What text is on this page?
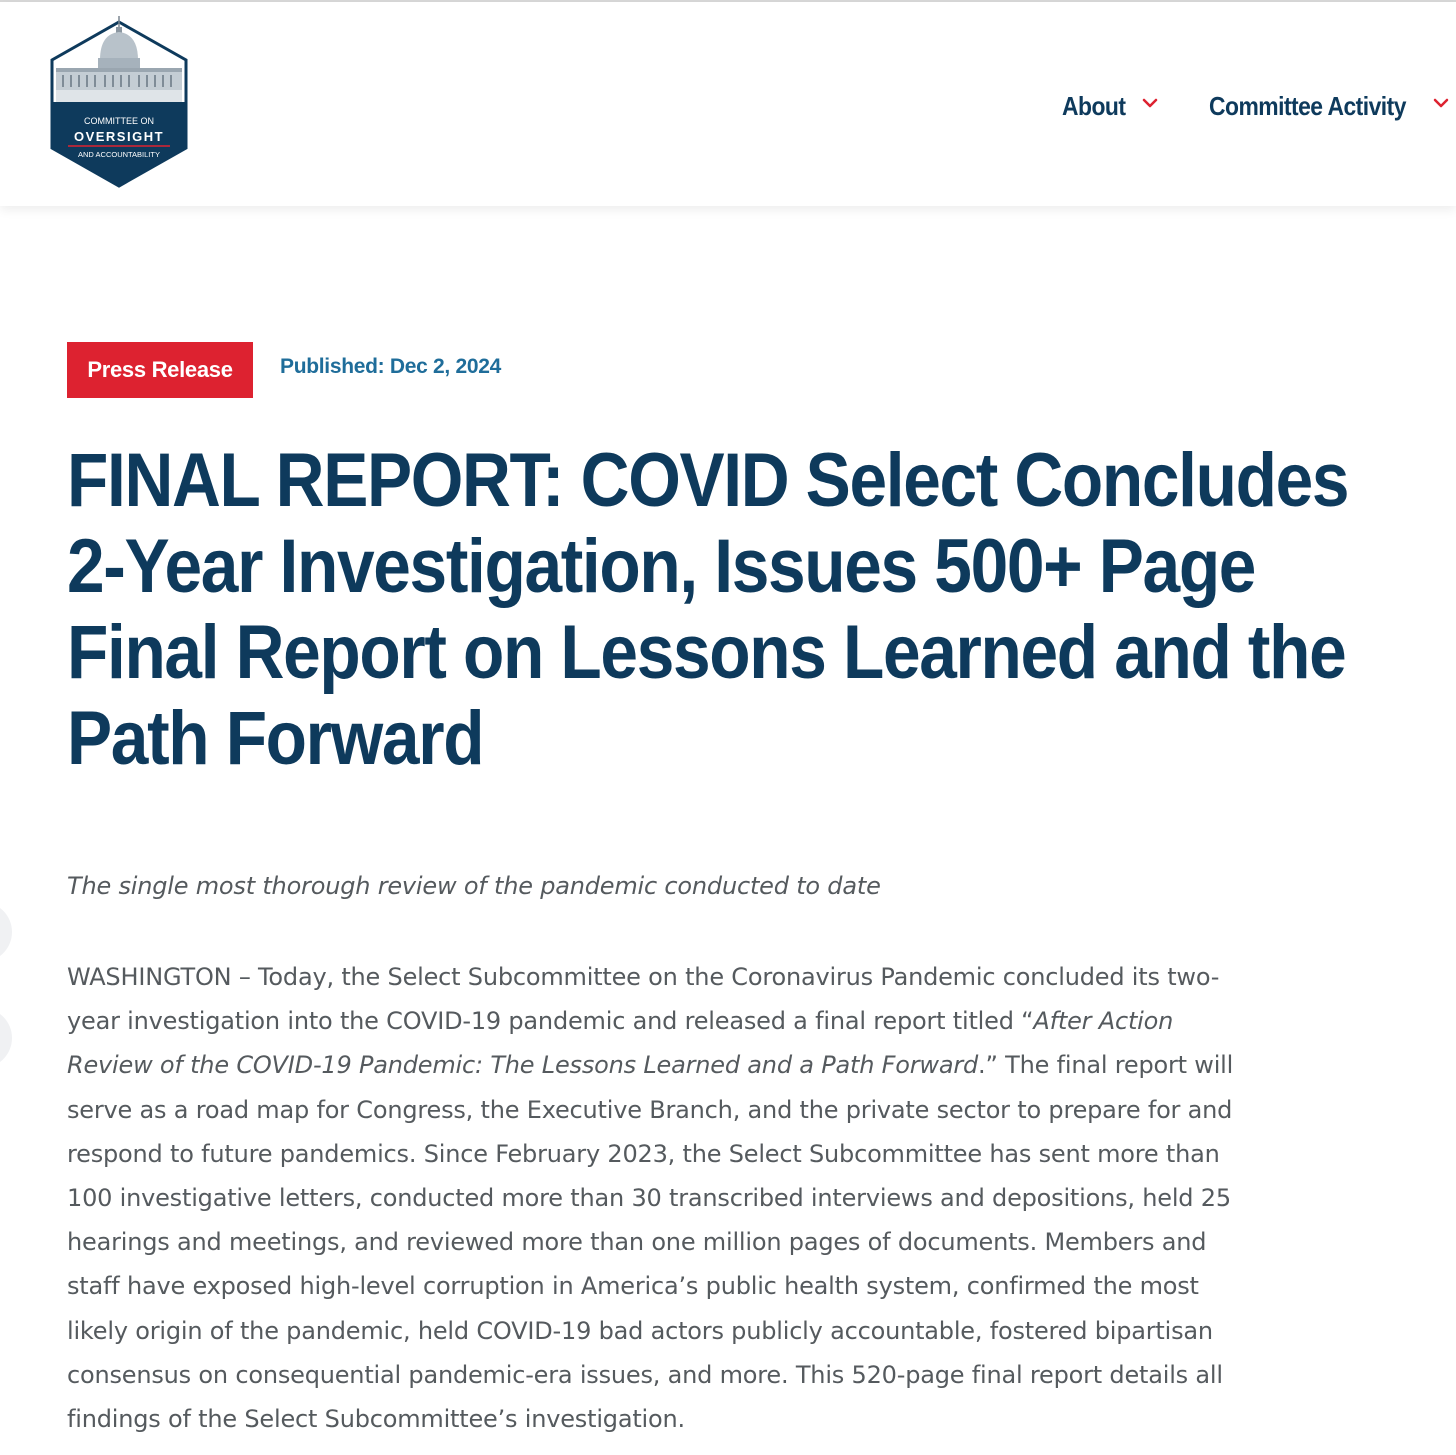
COMMITTEE ON
OVERSIGHT
AND ACCOUNTABILITY
About	Committee Activity
Press Release	Published: Dec 2, 2024
FINAL REPORT: COVID Select Concludes 2-Year Investigation, Issues 500+ Page Final Report on Lessons Learned and the Path Forward

The single most thorough review of the pandemic conducted to date

WASHINGTON – Today, the Select Subcommittee on the Coronavirus Pandemic concluded its two-
year investigation into the COVID-19 pandemic and released a final report titled “After Action
Review of the COVID-19 Pandemic: The Lessons Learned and a Path Forward.” The final report will
serve as a road map for Congress, the Executive Branch, and the private sector to prepare for and
respond to future pandemics. Since February 2023, the Select Subcommittee has sent more than
100 investigative letters, conducted more than 30 transcribed interviews and depositions, held 25
hearings and meetings, and reviewed more than one million pages of documents. Members and
staff have exposed high-level corruption in America’s public health system, confirmed the most
likely origin of the pandemic, held COVID-19 bad actors publicly accountable, fostered bipartisan
consensus on consequential pandemic-era issues, and more. This 520-page final report details all
findings of the Select Subcommittee’s investigation.
